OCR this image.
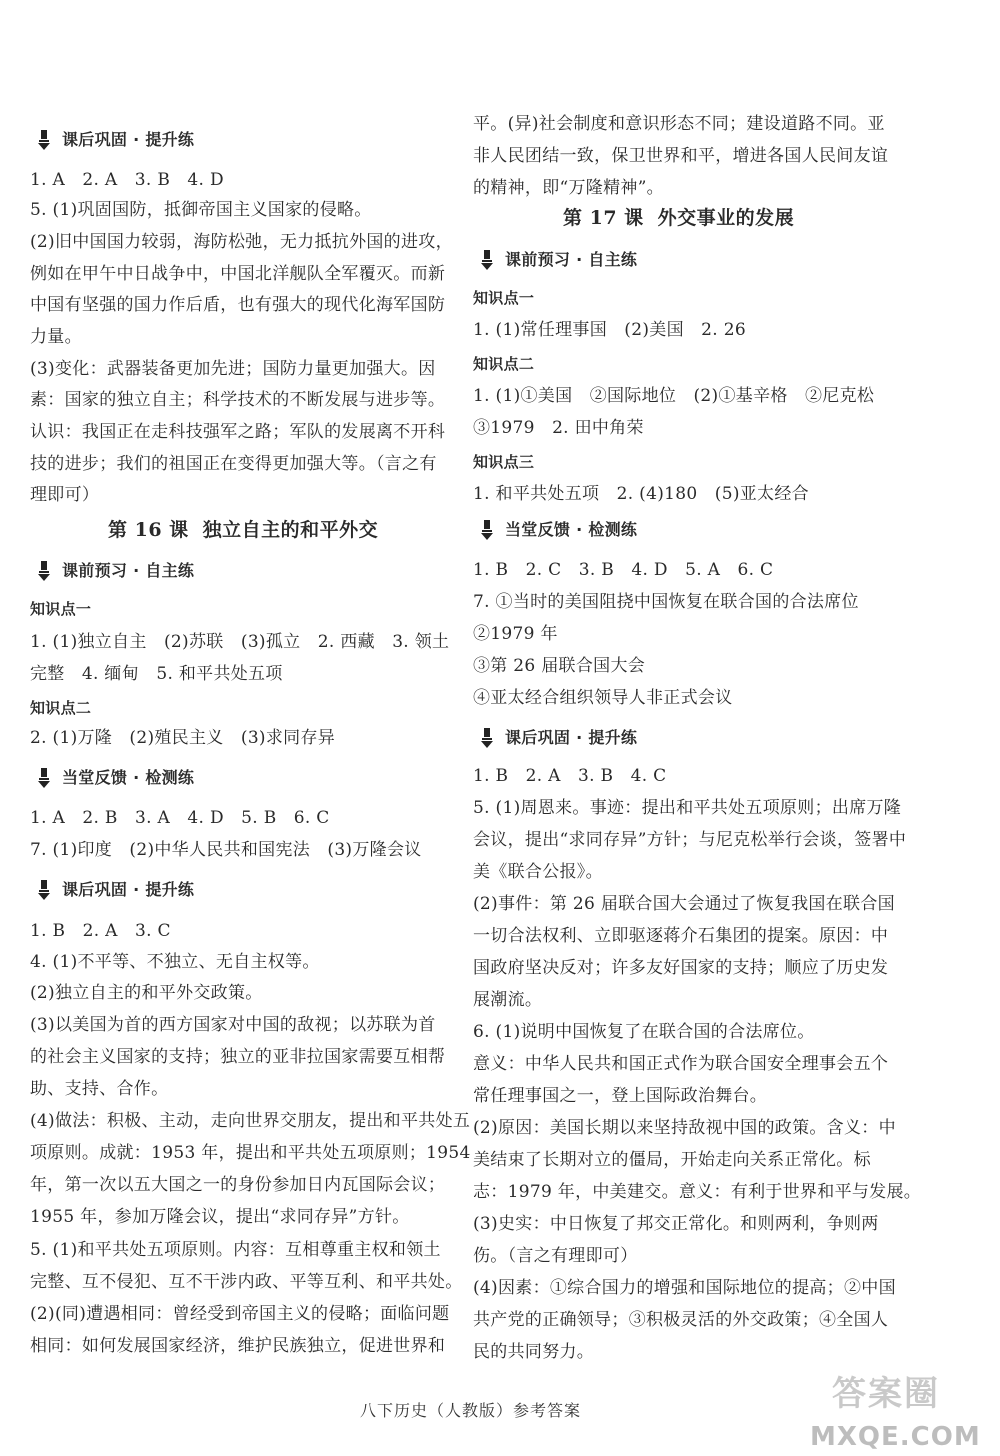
课后巩固 · 提升练
1. A　2. A　3. B　4. D
5. (1)巩固国防，抵御帝国主义国家的侵略。
(2)旧中国国力较弱，海防松弛，无力抵抗外国的进攻，
例如在甲午中日战争中，中国北洋舰队全军覆灭。而新
中国有坚强的国力作后盾，也有强大的现代化海军国防
力量。
(3)变化：武器装备更加先进；国防力量更加强大。因
素：国家的独立自主；科学技术的不断发展与进步等。
认识：我国正在走科技强军之路；军队的发展离不开科
技的进步；我们的祖国正在变得更加强大等。（言之有
理即可）
第 16 课 独立自主的和平外交
课前预习 · 自主练
知识点一
1. (1)独立自主　(2)苏联　(3)孤立　2. 西藏　3. 领土
完整　4. 缅甸　5. 和平共处五项
知识点二
2. (1)万隆　(2)殖民主义　(3)求同存异
当堂反馈 · 检测练
1. A　2. B　3. A　4. D　5. B　6. C
7. (1)印度　(2)中华人民共和国宪法　(3)万隆会议
课后巩固 · 提升练
1. B　2. A　3. C
4. (1)不平等、不独立、无自主权等。
(2)独立自主的和平外交政策。
(3)以美国为首的西方国家对中国的敌视；以苏联为首
的社会主义国家的支持；独立的亚非拉国家需要互相帮
助、支持、合作。
(4)做法：积极、主动，走向世界交朋友，提出和平共处五
项原则。成就：1953 年，提出和平共处五项原则；1954
年，第一次以五大国之一的身份参加日内瓦国际会议；
1955 年，参加万隆会议，提出“求同存异”方针。
5. (1)和平共处五项原则。内容：互相尊重主权和领土
完整、互不侵犯、互不干涉内政、平等互利、和平共处。
(2)(同)遭遇相同：曾经受到帝国主义的侵略；面临问题
相同：如何发展国家经济，维护民族独立，促进世界和
平。(异)社会制度和意识形态不同；建设道路不同。亚
非人民团结一致，保卫世界和平，增进各国人民间友谊
的精神，即“万隆精神”。
第 17 课 外交事业的发展
课前预习 · 自主练
知识点一
1. (1)常任理事国　(2)美国　2. 26
知识点二
1. (1)①美国　②国际地位　(2)①基辛格　②尼克松
③1979　2. 田中角荣
知识点三
1. 和平共处五项　2. (4)180　(5)亚太经合
当堂反馈 · 检测练
1. B　2. C　3. B　4. D　5. A　6. C
7. ①当时的美国阻挠中国恢复在联合国的合法席位
②1979 年
③第 26 届联合国大会
④亚太经合组织领导人非正式会议
课后巩固 · 提升练
1. B　2. A　3. B　4. C
5. (1)周恩来。事迹：提出和平共处五项原则；出席万隆
会议，提出“求同存异”方针；与尼克松举行会谈，签署中
美《联合公报》。
(2)事件：第 26 届联合国大会通过了恢复我国在联合国
一切合法权利、立即驱逐蒋介石集团的提案。原因：中
国政府坚决反对；许多友好国家的支持；顺应了历史发
展潮流。
6. (1)说明中国恢复了在联合国的合法席位。
意义：中华人民共和国正式作为联合国安全理事会五个
常任理事国之一，登上国际政治舞台。
(2)原因：美国长期以来坚持敌视中国的政策。含义：中
美结束了长期对立的僵局，开始走向关系正常化。标
志：1979 年，中美建交。意义：有利于世界和平与发展。
(3)史实：中日恢复了邦交正常化。和则两利，争则两
伤。（言之有理即可）
(4)因素：①综合国力的增强和国际地位的提高；②中国
共产党的正确领导；③积极灵活的外交政策；④全国人
民的共同努力。
八下历史（人教版）参考答案	答案圈
MXQE.COM
